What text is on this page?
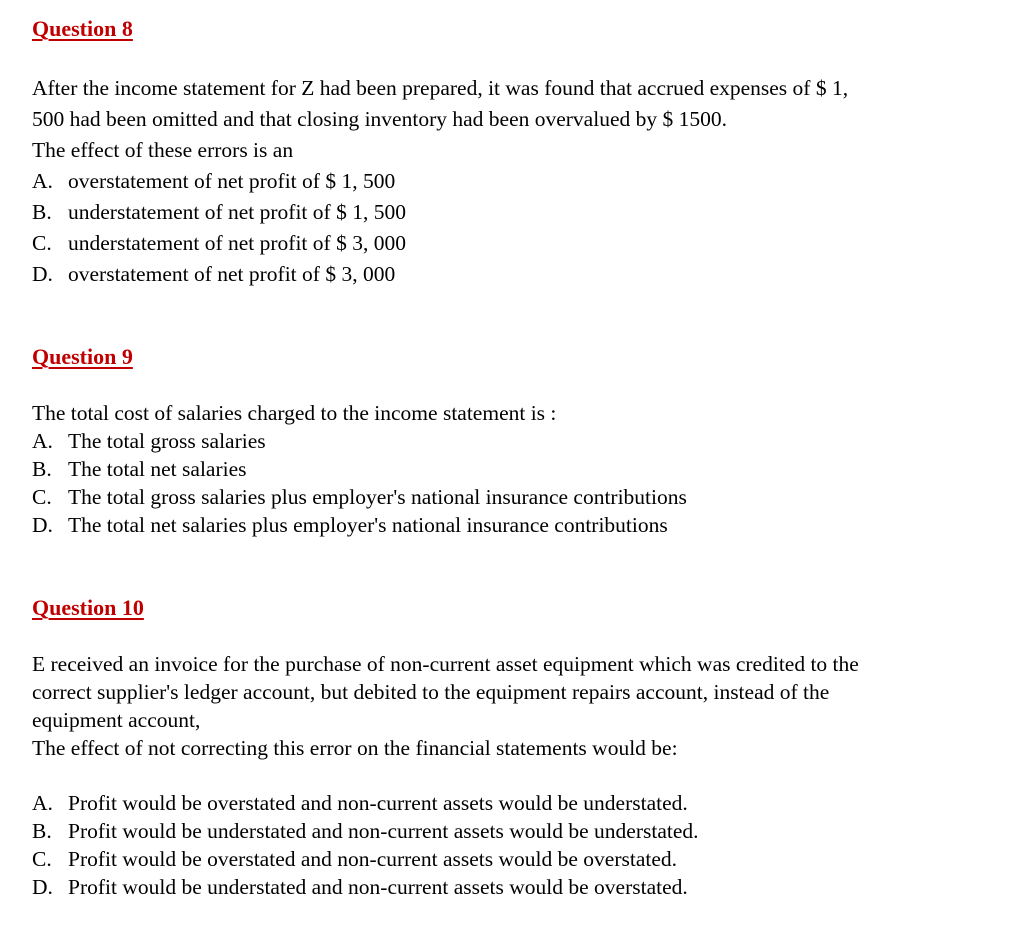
Question 8

After the income statement for Z had been prepared, it was found that accrued expenses of $ 1,

500 had been omitted and that closing inventory had been overvalued by $ 1500.

The effect of these errors is an

A. overstatement of net profit of $ 1, 500

B. understatement of net profit of $ 1, 500

C. understatement of net profit of $ 3, 000

D. overstatement of net profit of $ 3, 000

Question 9

The total cost of salaries charged to the income statement is :

A. The total gross salaries

B. The total net salaries

C. The total gross salaries plus employer's national insurance contributions

D. The total net salaries plus employer's national insurance contributions

Question 10

E received an invoice for the purchase of non-current asset equipment which was credited to the

correct supplier's ledger account, but debited to the equipment repairs account, instead of the

equipment account,

The effect of not correcting this error on the financial statements would be:

A. Profit would be overstated and non-current assets would be understated.

B. Profit would be understated and non-current assets would be understated.

C. Profit would be overstated and non-current assets would be overstated.

D. Profit would be understated and non-current assets would be overstated.
